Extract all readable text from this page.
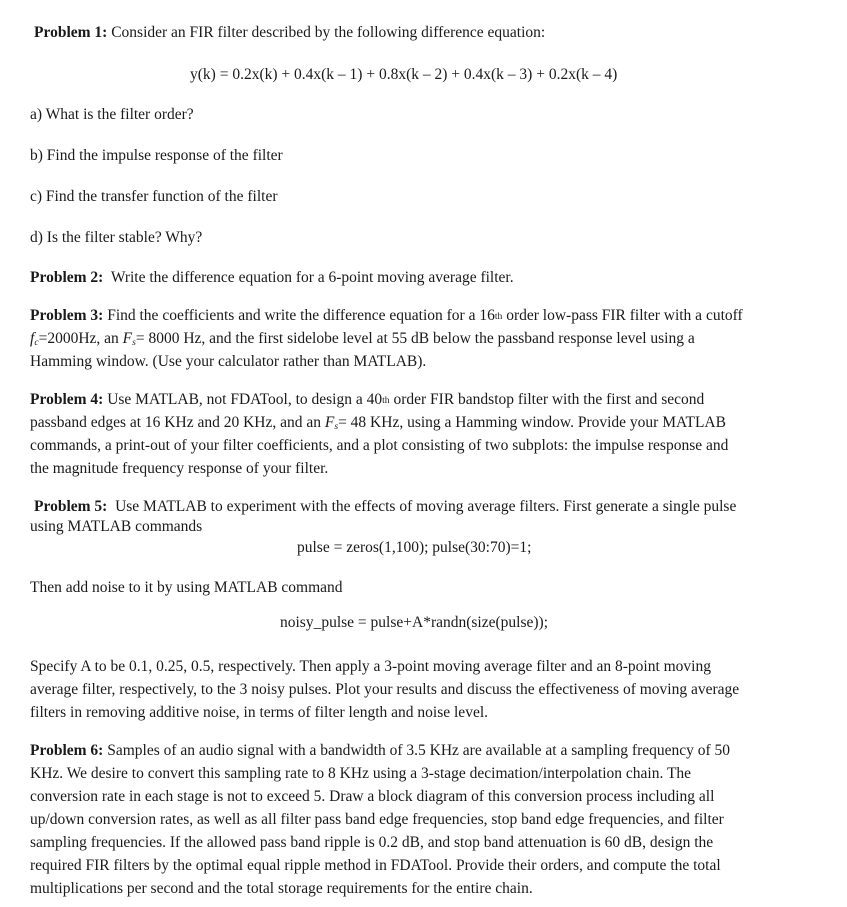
Problem 1: Consider an FIR filter described by the following difference equation:

y(k) = 0.2x(k) + 0.4x(k – 1) + 0.8x(k – 2) + 0.4x(k – 3) + 0.2x(k – 4)

a) What is the filter order?

b) Find the impulse response of the filter

c) Find the transfer function of the filter

d) Is the filter stable? Why?

Problem 2: Write the difference equation for a 6-point moving average filter.

Problem 3: Find the coefficients and write the difference equation for a 16th order low-pass FIR filter with a cutoff

$f_c=2000Hz$, an $F_s= 8000$ Hz, and the first sidelobe level at 55 dB below the passband response level using a

Hamming window. (Use your calculator rather than MATLAB).

Problem 4: Use MATLAB, not FDATool, to design a 40th order FIR bandstop filter with the first and second

passband edges at 16 KHz and 20 KHz, and an $F_s= 48$ KHz, using a Hamming window. Provide your MATLAB

commands, a print-out of your filter coefficients, and a plot consisting of two subplots: the impulse response and

the magnitude frequency response of your filter.

Problem 5: Use MATLAB to experiment with the effects of moving average filters. First generate a single pulse

using MATLAB commands

pulse = zeros(1,100); pulse(30:70)=1;

Then add noise to it by using MATLAB command

noisy_pulse = pulse+A*randn(size(pulse));

Specify A to be 0.1, 0.25, 0.5, respectively. Then apply a 3-point moving average filter and an 8-point moving

average filter, respectively, to the 3 noisy pulses. Plot your results and discuss the effectiveness of moving average

filters in removing additive noise, in terms of filter length and noise level.

Problem 6: Samples of an audio signal with a bandwidth of 3.5 KHz are available at a sampling frequency of 50

KHz. We desire to convert this sampling rate to 8 KHz using a 3-stage decimation/interpolation chain. The

conversion rate in each stage is not to exceed 5. Draw a block diagram of this conversion process including all

up/down conversion rates, as well as all filter pass band edge frequencies, stop band edge frequencies, and filter

sampling frequencies. If the allowed pass band ripple is 0.2 dB, and stop band attenuation is 60 dB, design the

required FIR filters by the optimal equal ripple method in FDATool. Provide their orders, and compute the total

multiplications per second and the total storage requirements for the entire chain.
